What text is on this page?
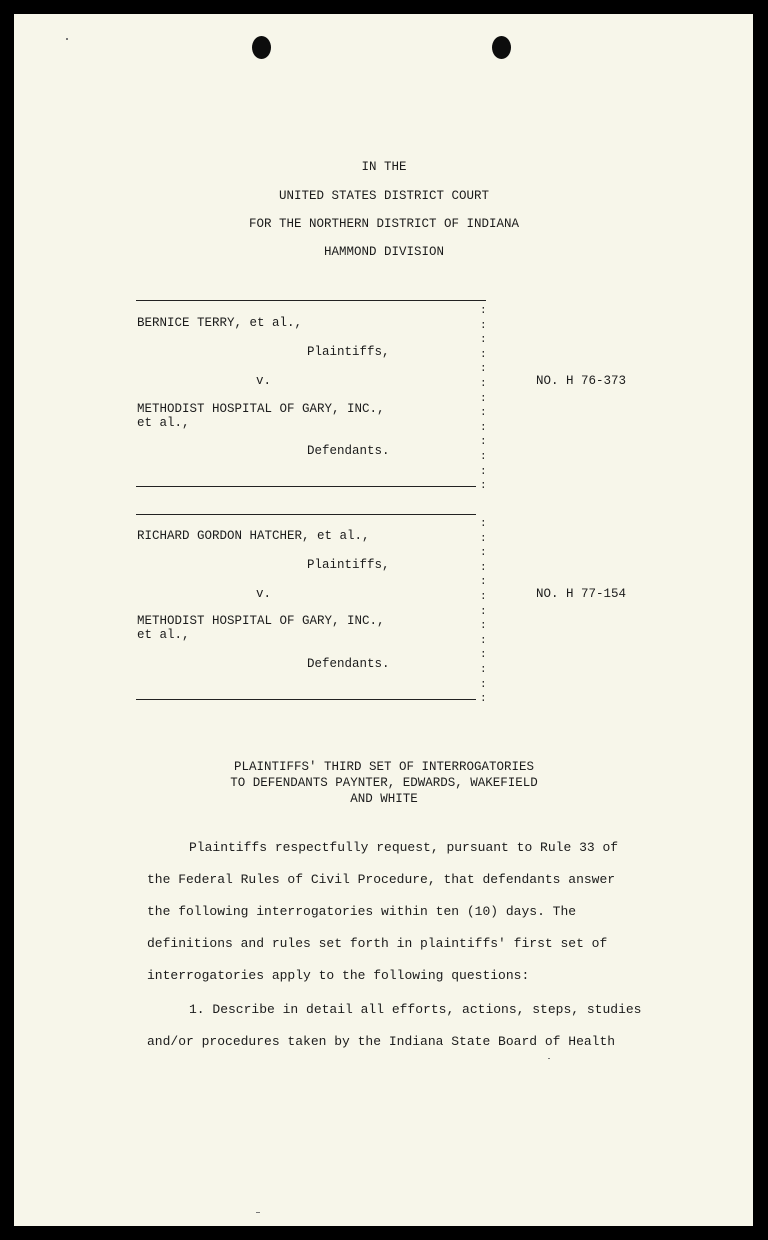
IN THE
UNITED STATES DISTRICT COURT
FOR THE NORTHERN DISTRICT OF INDIANA
HAMMOND DIVISION
BERNICE TERRY, et al.,
Plaintiffs,
v.
METHODIST HOSPITAL OF GARY, INC.,
et al.,
Defendants.
:
:
:
:
:
:
:
:
:
:
:
:
:
NO. H 76-373
RICHARD GORDON HATCHER, et al.,
Plaintiffs,
v.
METHODIST HOSPITAL OF GARY, INC.,
et al.,
Defendants.
:
:
:
:
:
:
:
:
:
:
:
:
:
NO. H 77-154
PLAINTIFFS' THIRD SET OF INTERROGATORIES
TO DEFENDANTS PAYNTER, EDWARDS, WAKEFIELD
AND WHITE
Plaintiffs respectfully request, pursuant to Rule 33 of
the Federal Rules of Civil Procedure, that defendants answer
the following interrogatories within ten (10) days. The
definitions and rules set forth in plaintiffs' first set of
interrogatories apply to the following questions:
1. Describe in detail all efforts, actions, steps, studies
and/or procedures taken by the Indiana State Board of Health
